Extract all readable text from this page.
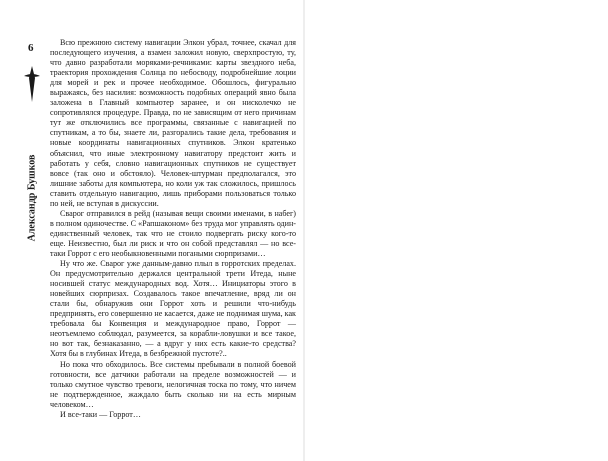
6
Александр Бушков

Всю прежнюю систему навигации Элкон убрал, точнее, скачал для последующего изучения, а взамен заложил новую, сверхпростую, ту, что давно разработали моряками-речниками: карты звездного неба, траектория прохождения Солнца по небосводу, подробнейшие лоции для морей и рек и прочее необходимое. Обошлось, фигурально выражаясь, без насилия: возможность подобных операций явно была заложена в Главный компьютер заранее, и он нисколечко не сопротивлялся процедуре. Правда, по не зависящим от него причинам тут же отключились все программы, связанные с навигацией по спутникам, а то бы, знаете ли, разгорались такие дела, требования и новые координаты навигационных спутников. Элкон кратенько объяснил, что иные электронному навигатору предстоит жить и работать у себя, словно навигационных спутников не существует вовсе (так оно и обстояло). Человек-штурман предполагался, это лишние заботы для компьютера, но коли уж так сложилось, пришлось ставить отдельную навигацию, лишь приборами пользоваться только по ней, не вступая в дискуссии.

Сварог отправился в рейд (называя вещи своими именами, в набег) в полном одиночестве. С «Рапшаконом» без труда мог управлять один-единственный человек, так что не стоило подвергать риску кого-то еще. Неизвестно, был ли риск и что он собой представлял — но все-таки Горрот с его необыкновенными погаными сюрпризами…

Ну что же. Сварог уже данным-давно плыл в горротских пределах. Он предусмотрительно держался центральной трети Итеда, ныне носившей статус международных вод. Хотя… Инициаторы этого в новейших сюрпризах. Создавалось такое впечатление, вряд ли он стали бы, обнаружив они Горрот хоть и решили что-нибудь предпринять, его совершенно не касается, даже не поднимая шума, как требовала бы Конвенция и международное право, Горрот — неотъемлемо соблюдал, разумеется, за корабли-ловушки и все такое, но вот так, безнаказанно, — а вдруг у них есть какие-то средства? Хотя бы в глубинах Итеда, в безбрежной пустоте?..

Но пока что обходилось. Все системы пребывали в полной боевой готовности, все датчики работали на пределе возможностей — и только смутное чувство тревоги, нелогичная тоска по тому, что ничем не подтвержденное, жаждало быть сколько ни на есть мирным человеком…

И все-таки — Горрот…
